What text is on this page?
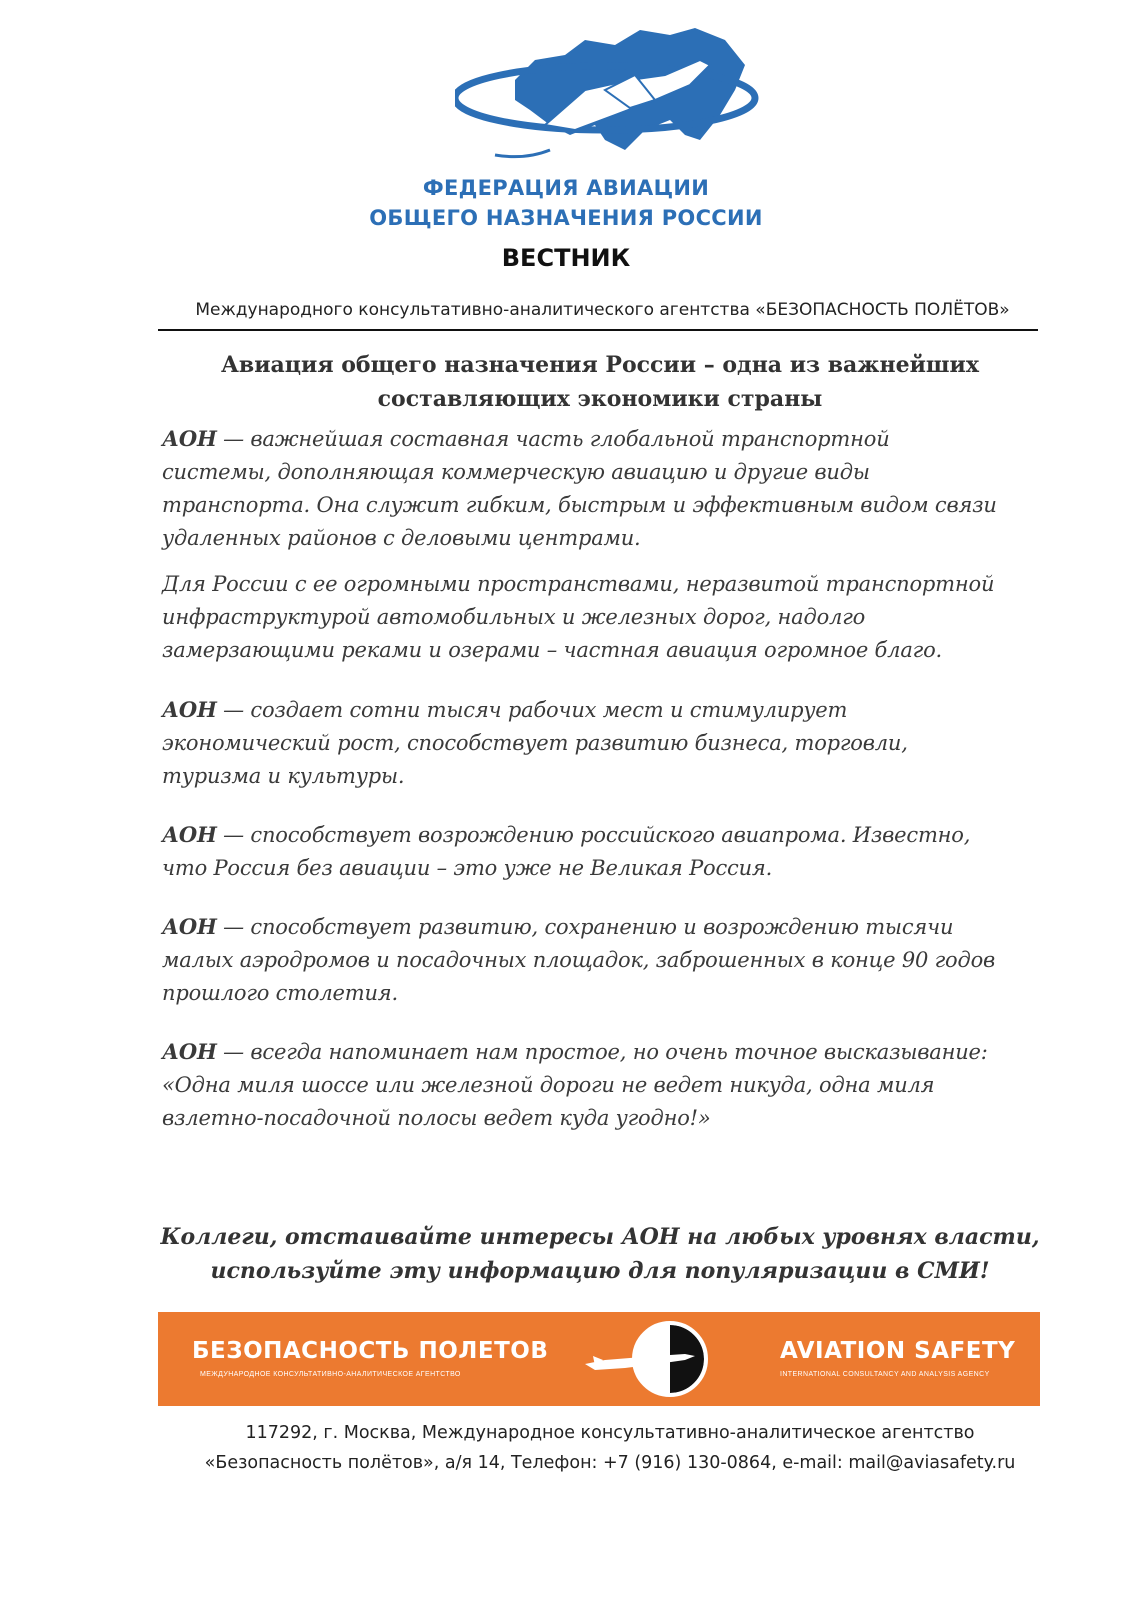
ФЕДЕРАЦИЯ АВИАЦИИ
ОБЩЕГО НАЗНАЧЕНИЯ РОССИИ
ВЕСТНИК
Международного консультативно-аналитического агентства «БЕЗОПАСНОСТЬ ПОЛЁТОВ»
Авиация общего назначения России – одна из важнейших
составляющих экономики страны
АОН — важнейшая составная часть глобальной транспортной
системы, дополняющая коммерческую авиацию и другие виды
транспорта. Она служит гибким, быстрым и эффективным видом связи
удаленных районов с деловыми центрами.
Для России с ее огромными пространствами, неразвитой транспортной
инфраструктурой автомобильных и железных дорог, надолго
замерзающими реками и озерами – частная авиация огромное благо.
АОН — создает сотни тысяч рабочих мест и стимулирует
экономический рост, способствует развитию бизнеса, торговли,
туризма и культуры.
АОН — способствует возрождению российского авиапрома. Известно,
что Россия без авиации – это уже не Великая Россия.
АОН — способствует развитию, сохранению и возрождению тысячи
малых аэродромов и посадочных площадок, заброшенных в конце 90 годов
прошлого столетия.
АОН — всегда напоминает нам простое, но очень точное высказывание:
«Одна миля шоссе или железной дороги не ведет никуда, одна миля
взлетно-посадочной полосы ведет куда угодно!»
Коллеги, отстаивайте интересы АОН на любых уровнях власти,
используйте эту информацию для популяризации в СМИ!
БЕЗОПАСНОСТЬ ПОЛЕТОВ
МЕЖДУНАРОДНОЕ КОНСУЛЬТАТИВНО-АНАЛИТИЧЕСКОЕ АГЕНТСТВО
AVIATION SAFETY
INTERNATIONAL CONSULTANCY AND ANALYSIS AGENCY
117292, г. Москва, Международное консультативно-аналитическое агентство
«Безопасность полётов», а/я 14, Телефон: +7 (916) 130-0864, e-mail: mail@aviasafety.ru
